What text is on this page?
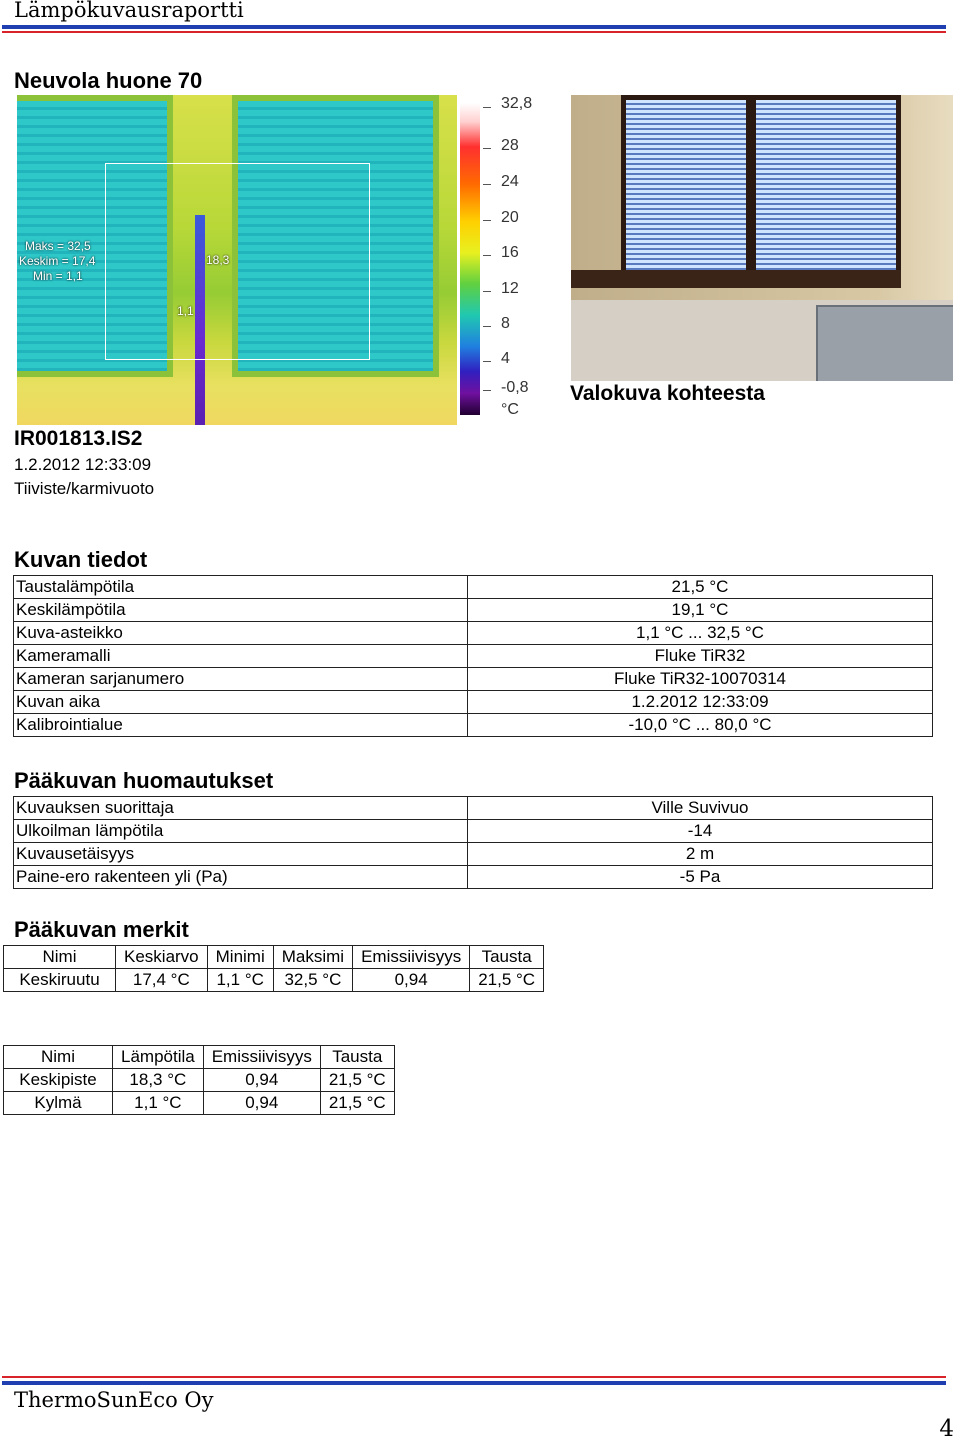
Lämpökuvausraportti
Neuvola huone 70
Maks = 32,5
Keskim = 17,4
Min = 1,1
18,3
1,1
32,8
28
24
20
16
12
8
4
-0,8
°C
Valokuva kohteesta
IR001813.IS2
1.2.2012 12:33:09
Tiiviste/karmivuoto
Kuvan tiedot
Taustalämpötila	21,5 °C
Keskilämpötila	19,1 °C
Kuva-asteikko	1,1 °C ... 32,5 °C
Kameramalli	Fluke TiR32
Kameran sarjanumero	Fluke TiR32-10070314
Kuvan aika	1.2.2012 12:33:09
Kalibrointialue	-10,0 °C ... 80,0 °C
Pääkuvan huomautukset
Kuvauksen suorittaja	Ville Suvivuo
Ulkoilman lämpötila	-14
Kuvausetäisyys	2 m
Paine-ero rakenteen yli (Pa)	-5 Pa
Pääkuvan merkit
Nimi	Keskiarvo	Minimi	Maksimi	Emissiivisyys	Tausta
Keskiruutu	17,4 °C	1,1 °C	32,5 °C	0,94	21,5 °C
Nimi	Lämpötila	Emissiivisyys	Tausta
Keskipiste	18,3 °C	0,94	21,5 °C
Kylmä	1,1 °C	0,94	21,5 °C
ThermoSunEco Oy
4
